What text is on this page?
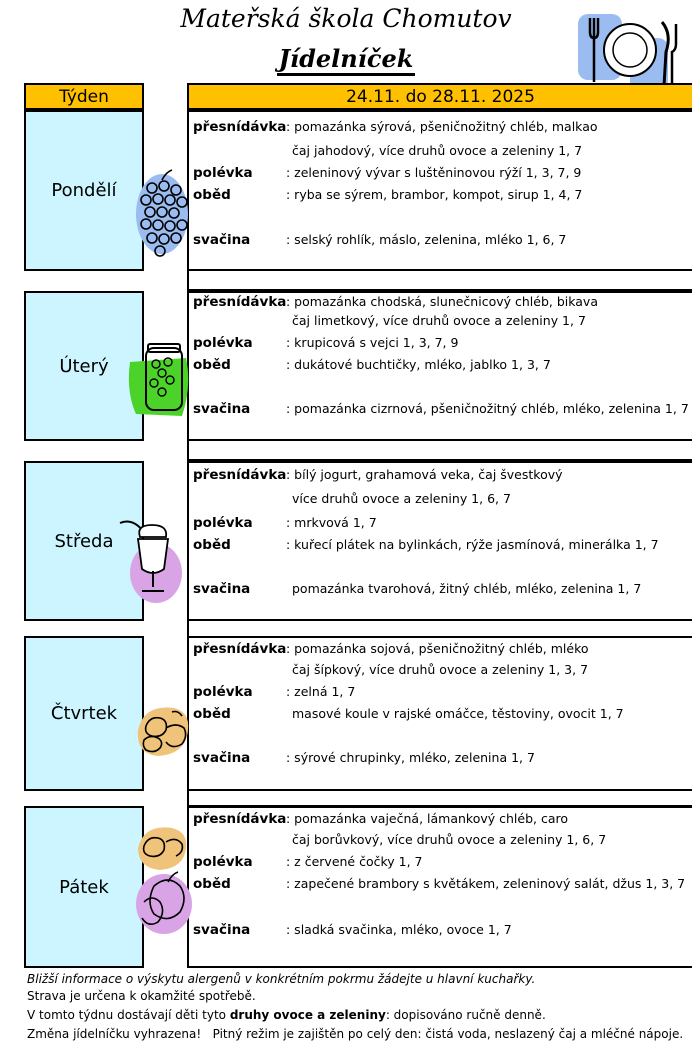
Mateřská škola Chomutov
Jídelníček
Týden	24.11. do 28.11. 2025
Pondělí
přesnídávka : pomazánka sýrová, pšeničnožitný chléb, malkao
čaj jahodový, více druhů ovoce a zeleniny 1, 7
polévka	: zeleninový vývar s luštěninovou rýží 1, 3, 7, 9
oběd	: ryba se sýrem, brambor, kompot, sirup 1, 4, 7
svačina	: selský rohlík, máslo, zelenina, mléko 1, 6, 7
Úterý
přesnídávka : pomazánka chodská, slunečnicový chléb, bikava
čaj limetkový, více druhů ovoce a zeleniny 1, 7
polévka	: krupicová s vejci 1, 3, 7, 9
oběd	: dukátové buchtičky, mléko, jablko 1, 3, 7
svačina	: pomazánka cizrnová, pšeničnožitný chléb, mléko, zelenina 1, 7
Středa
přesnídávka : bílý jogurt, grahamová veka, čaj švestkový
více druhů ovoce a zeleniny 1, 6, 7
polévka	: mrkvová 1, 7
oběd	: kuřecí plátek na bylinkách, rýže jasmínová, minerálka 1, 7
svačina	pomazánka tvarohová, žitný chléb, mléko, zelenina 1, 7
Čtvrtek
přesnídávka : pomazánka sojová, pšeničnožitný chléb, mléko
čaj šípkový, více druhů ovoce a zeleniny 1, 3, 7
polévka	: zelná 1, 7
oběd	masové koule v rajské omáčce, těstoviny, ovocit 1, 7
svačina	: sýrové chrupinky, mléko, zelenina 1, 7
Pátek
přesnídávka : pomazánka vaječná, lámankový chléb, caro
čaj borůvkový, více druhů ovoce a zeleniny 1, 6, 7
polévka	: z červené čočky 1, 7
oběd	: zapečené brambory s květákem, zeleninový salát, džus 1, 3, 7
svačina	: sladká svačinka, mléko, ovoce 1, 7
Bližší informace o výskytu alergenů v konkrétním pokrmu žádejte u hlavní kuchařky.
Strava je určena k okamžité spotřebě.
V tomto týdnu dostávají děti tyto druhy ovoce a zeleniny: dopisováno ručně denně.
Změna jídelníčku vyhrazena!   Pitný režim je zajištěn po celý den: čistá voda, neslazený čaj a mléčné nápoje.
